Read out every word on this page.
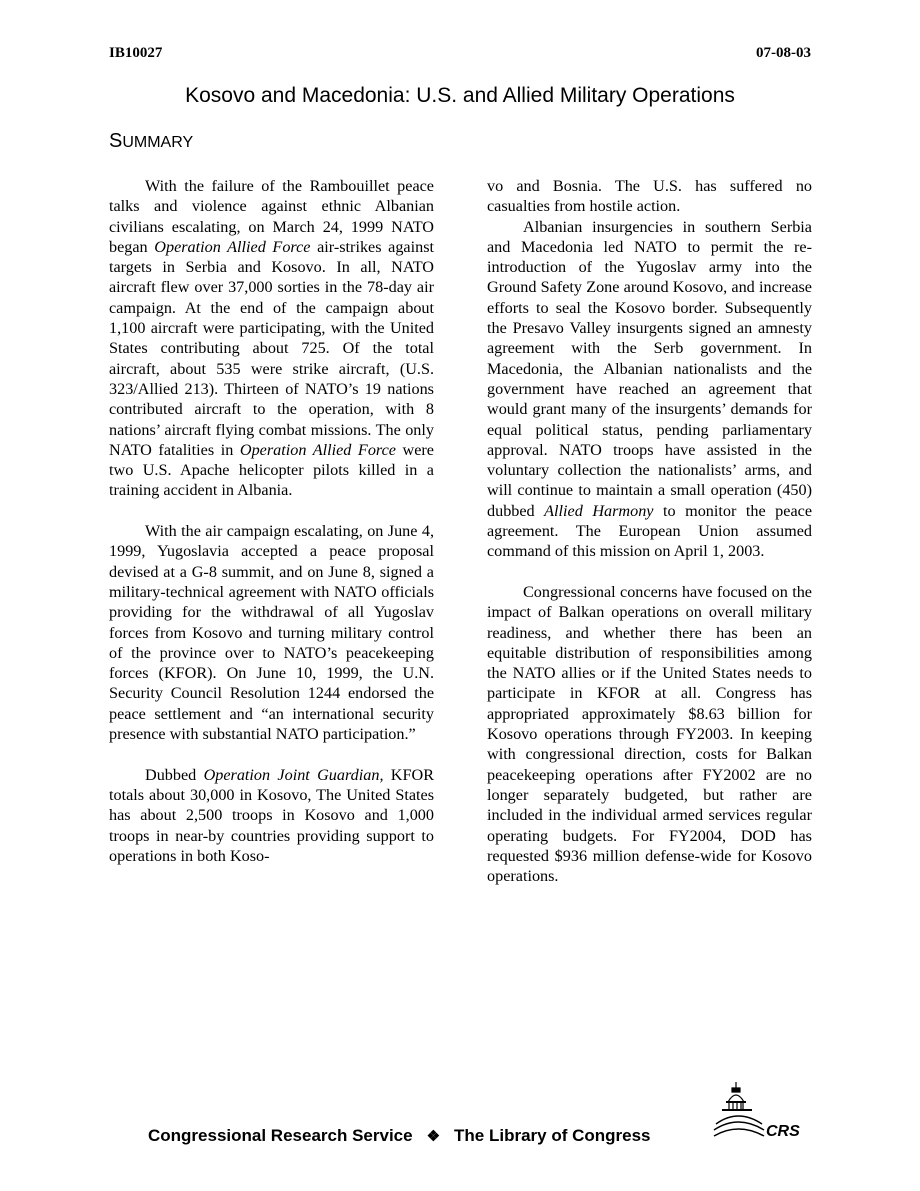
IB10027	07-08-03
Kosovo and Macedonia: U.S. and Allied Military Operations
SUMMARY

With the failure of the Rambouillet peace talks and violence against ethnic Albanian civilians escalating, on March 24, 1999 NATO began Operation Allied Force air-strikes against targets in Serbia and Kosovo. In all, NATO aircraft flew over 37,000 sorties in the 78-day air campaign. At the end of the campaign about 1,100 aircraft were participating, with the United States contributing about 725. Of the total aircraft, about 535 were strike aircraft, (U.S. 323/Allied 213). Thirteen of NATO’s 19 nations contributed aircraft to the operation, with 8 nations’ aircraft flying combat missions. The only NATO fatalities in Operation Allied Force were two U.S. Apache helicopter pilots killed in a training accident in Albania.

With the air campaign escalating, on June 4, 1999, Yugoslavia accepted a peace proposal devised at a G-8 summit, and on June 8, signed a military-technical agreement with NATO officials providing for the withdrawal of all Yugoslav forces from Kosovo and turning military control of the province over to NATO’s peacekeeping forces (KFOR). On June 10, 1999, the U.N. Security Council Resolution 1244 endorsed the peace settlement and “an international security presence with substantial NATO participation.”

Dubbed Operation Joint Guardian, KFOR totals about 30,000 in Kosovo, The United States has about 2,500 troops in Kosovo and 1,000 troops in near-by countries providing support to operations in both Koso-

vo and Bosnia. The U.S. has suffered no casualties from hostile action.

Albanian insurgencies in southern Serbia and Macedonia led NATO to permit the re-introduction of the Yugoslav army into the Ground Safety Zone around Kosovo, and increase efforts to seal the Kosovo border. Subsequently the Presavo Valley insurgents signed an amnesty agreement with the Serb government. In Macedonia, the Albanian nationalists and the government have reached an agreement that would grant many of the insurgents’ demands for equal political status, pending parliamentary approval. NATO troops have assisted in the voluntary collection the nationalists’ arms, and will continue to maintain a small operation (450) dubbed Allied Harmony to monitor the peace agreement. The European Union assumed command of this mission on April 1, 2003.

Congressional concerns have focused on the impact of Balkan operations on overall military readiness, and whether there has been an equitable distribution of responsibilities among the NATO allies or if the United States needs to participate in KFOR at all. Congress has appropriated approximately $8.63 billion for Kosovo operations through FY2003. In keeping with congressional direction, costs for Balkan peacekeeping operations after FY2002 are no longer separately budgeted, but rather are included in the individual armed services regular operating budgets. For FY2004, DOD has requested $936 million defense-wide for Kosovo operations.

Congressional Research Service ❖ The Library of Congress	CRS
